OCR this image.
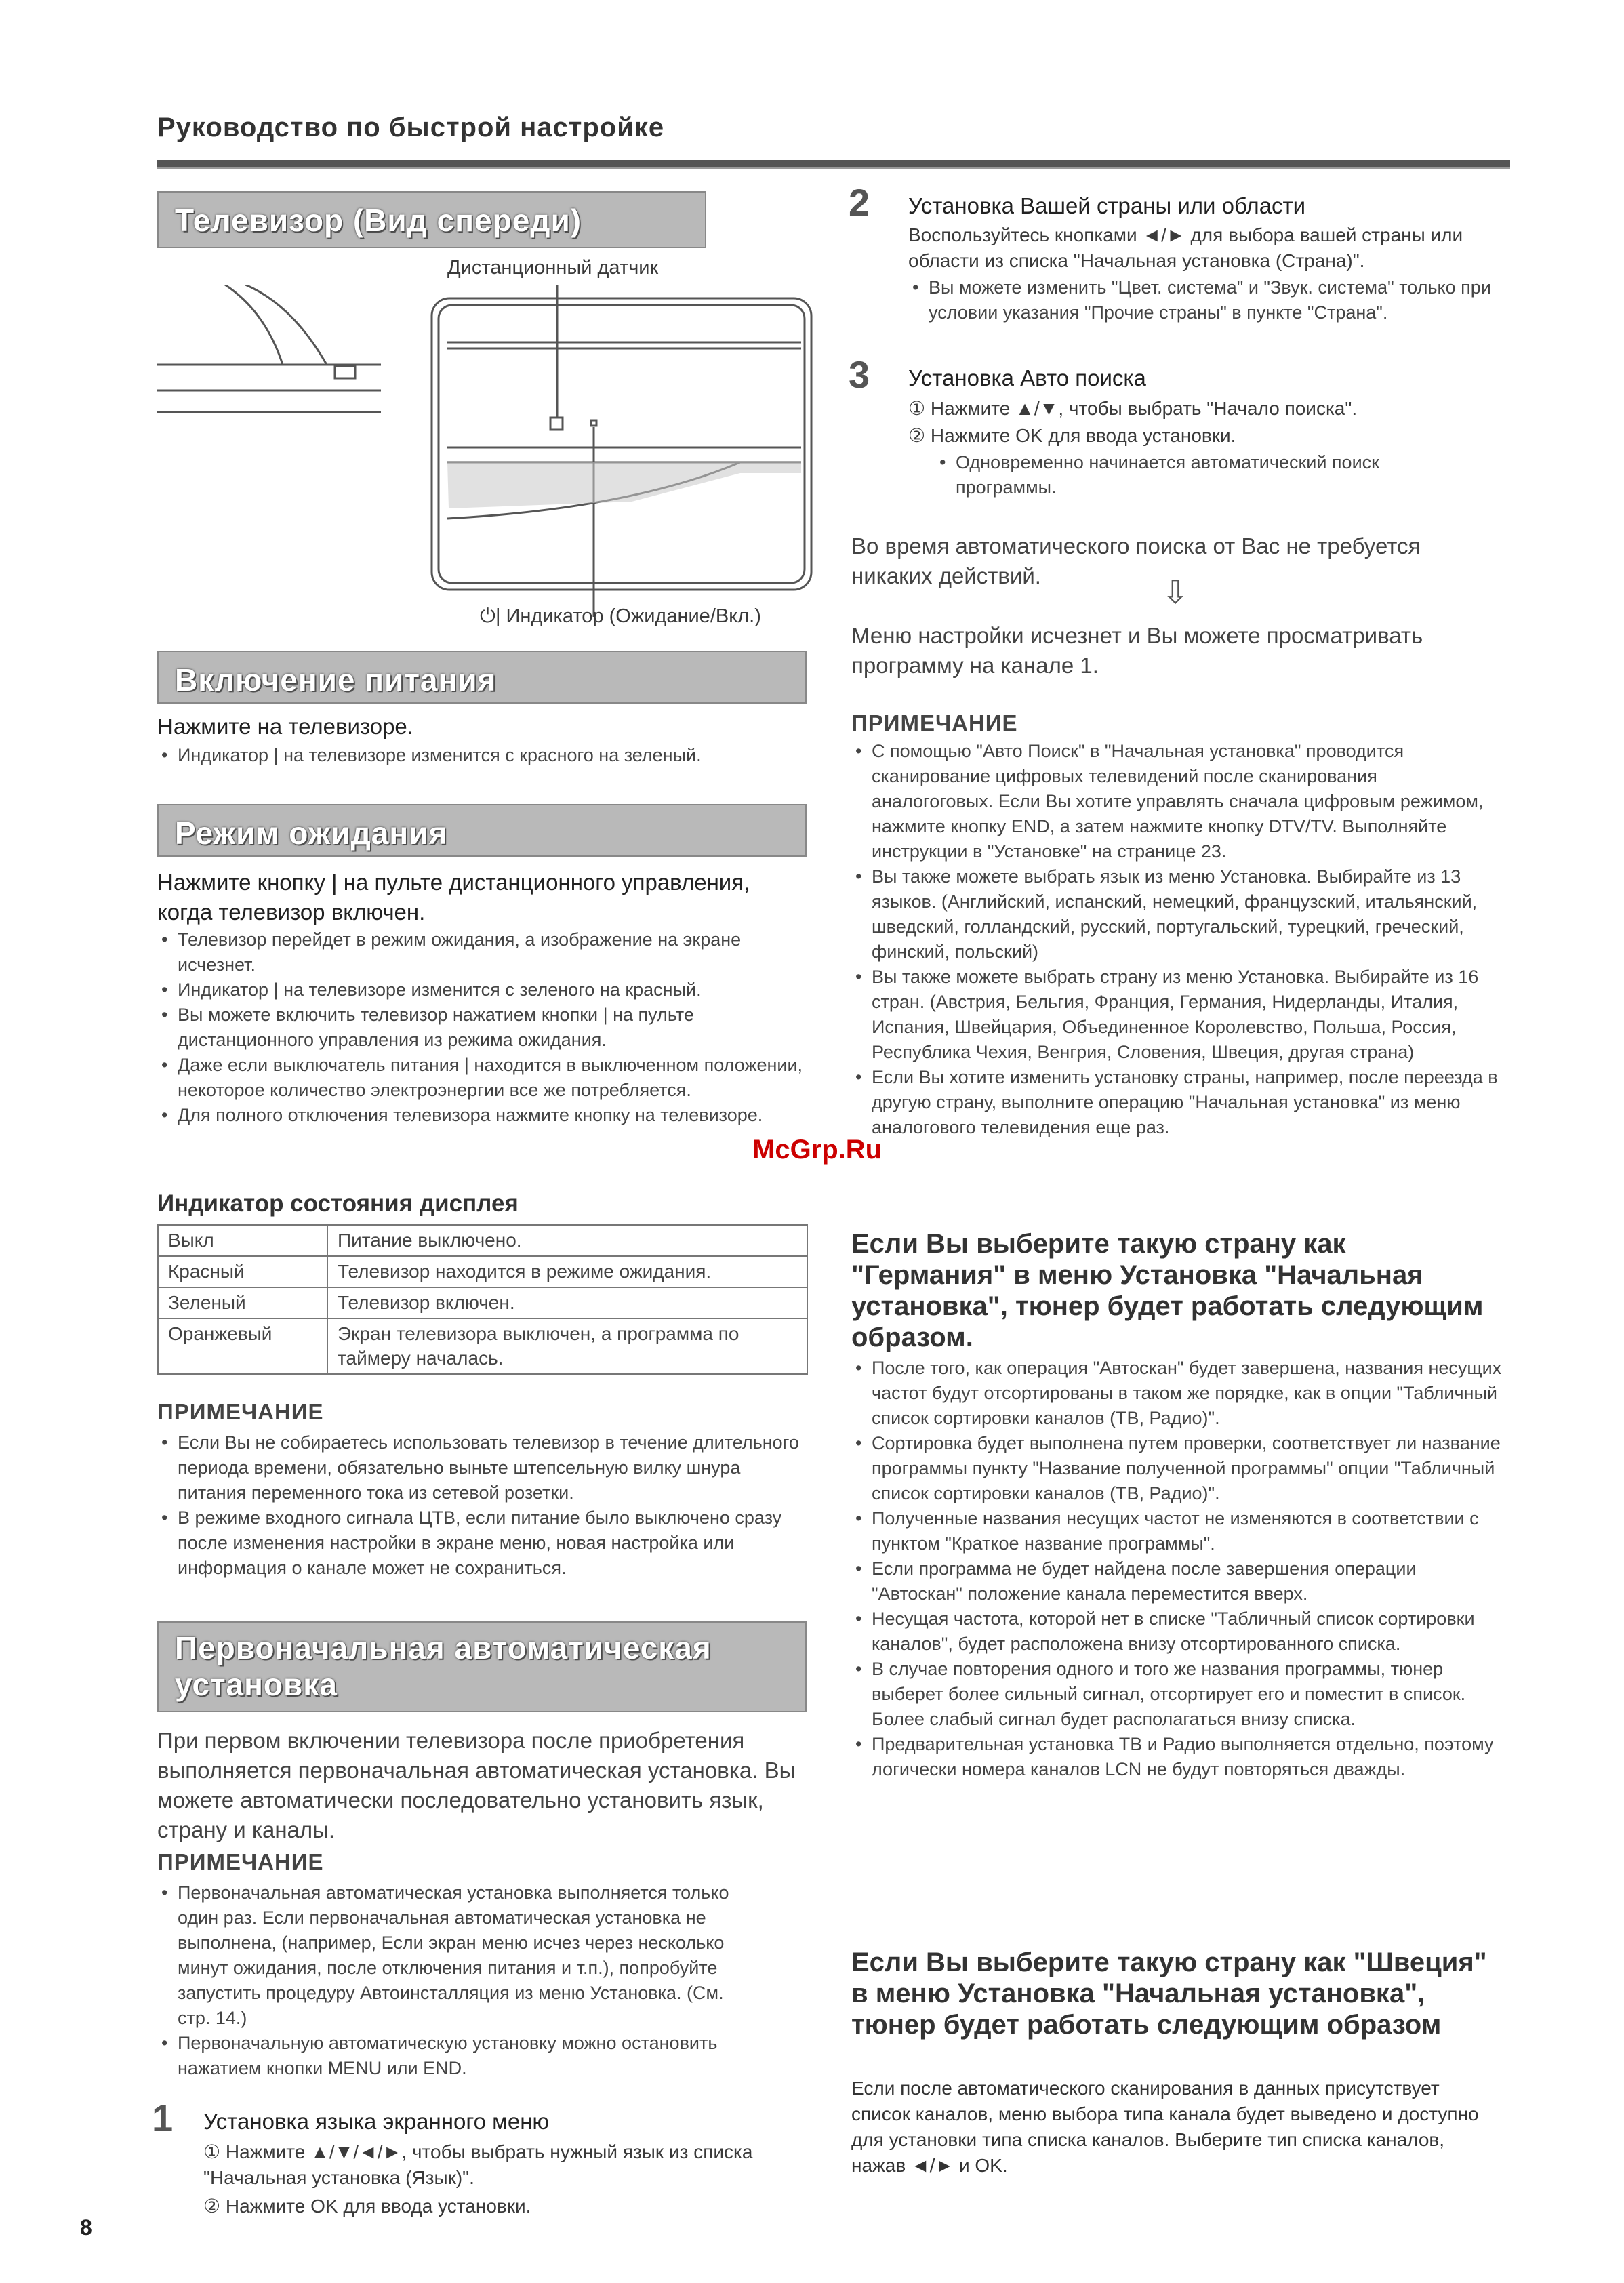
Руководство по быстрой настройке
Телевизор (Вид спереди)
Дистанционный датчик
⏻| Индикатор (Ожидание/Вкл.)
Включение питания
Нажмите на телевизоре.
• Индикатор | на телевизоре изменится с красного на зеленый.
Режим ожидания
Нажмите кнопку | на пульте дистанционного управления, когда телевизор включен.
• Телевизор перейдет в режим ожидания, а изображение на экране исчезнет.
• Индикатор | на телевизоре изменится с зеленого на красный.
• Вы можете включить телевизор нажатием кнопки | на пульте дистанционного управления из режима ожидания.
• Даже если выключатель питания | находится в выключенном положении, некоторое количество электроэнергии все же потребляется.
• Для полного отключения телевизора нажмите кнопку на телевизоре.
Индикатор состояния дисплея
Выкл	Питание выключено.
Красный	Телевизор находится в режиме ожидания.
Зеленый	Телевизор включен.
Оранжевый	Экран телевизора выключен, а программа по таймеру началась.
ПРИМЕЧАНИЕ
• Если Вы не собираетесь использовать телевизор в течение длительного периода времени, обязательно выньте штепсельную вилку шнура питания переменного тока из сетевой розетки.
• В режиме входного сигнала ЦТВ, если питание было выключено сразу после изменения настройки в экране меню, новая настройка или информация о канале может не сохраниться.
Первоначальная автоматическая
установка
При первом включении телевизора после приобретения выполняется первоначальная автоматическая установка. Вы можете автоматически последовательно установить язык, страну и каналы.
ПРИМЕЧАНИЕ
• Первоначальная автоматическая установка выполняется только один раз. Если первоначальная автоматическая установка не выполнена, (например, Если экран меню исчез через несколько минут ожидания, после отключения питания и т.п.), попробуйте запустить процедуру Автоинсталляция из меню Установка. (См. стр. 14.)
• Первоначальную автоматическую установку можно остановить нажатием кнопки MENU или END.
1 Установка языка экранного меню
① Нажмите ▲/▼/◄/►, чтобы выбрать нужный язык из списка "Начальная установка (Язык)".
② Нажмите OK для ввода установки.
8
2 Установка Вашей страны или области
Воспользуйтесь кнопками ◄/► для выбора вашей страны или области из списка "Начальная установка (Страна)".
• Вы можете изменить "Цвет. система" и "Звук. система" только при условии указания "Прочие страны" в пункте "Страна".
3 Установка Авто поиска
① Нажмите ▲/▼, чтобы выбрать "Начало поиска".
② Нажмите OK для ввода установки.
• Одновременно начинается автоматический поиск программы.
Во время автоматического поиска от Вас не требуется никаких действий.	⇩
Меню настройки исчезнет и Вы можете просматривать программу на канале 1.
ПРИМЕЧАНИЕ
• С помощью "Авто Поиск" в "Начальная установка" проводится сканирование цифровых телевидений после сканирования аналогоговых. Если Вы хотите управлять сначала цифровым режимом, нажмите кнопку END, а затем нажмите кнопку DTV/TV. Выполняйте инструкции в "Установке" на странице 23.
• Вы также можете выбрать язык из меню Установка. Выбирайте из 13 языков. (Английский, испанский, немецкий, французский, итальянский, шведский, голландский, русский, португальский, турецкий, греческий, финский, польский)
• Вы также можете выбрать страну из меню Установка. Выбирайте из 16 стран. (Австрия, Бельгия, Франция, Германия, Нидерланды, Италия, Испания, Швейцария, Объединенное Королевство, Польша, Россия, Республика Чехия, Венгрия, Словения, Швеция, другая страна)
• Если Вы хотите изменить установку страны, например, после переезда в другую страну, выполните операцию "Начальная установка" из меню аналогового телевидения еще раз.
McGrp.Ru
Если Вы выберите такую страну как "Германия" в меню Установка "Начальная установка", тюнер будет работать следующим образом.
• После того, как операция "Автоскан" будет завершена, названия несущих частот будут отсортированы в таком же порядке, как в опции "Табличный список сортировки каналов (ТВ, Радио)".
• Сортировка будет выполнена путем проверки, соответствует ли название программы пункту "Название полученной программы" опции "Табличный список сортировки каналов (ТВ, Радио)".
• Полученные названия несущих частот не изменяются в соответствии с пунктом "Краткое название программы".
• Если программа не будет найдена после завершения операции "Автоскан" положение канала переместится вверх.
• Несущая частота, которой нет в списке "Табличный список сортировки каналов", будет расположена внизу отсортированного списка.
• В случае повторения одного и того же названия программы, тюнер выберет более сильный сигнал, отсортирует его и поместит в список. Более слабый сигнал будет располагаться внизу списка.
• Предварительная установка ТВ и Радио выполняется отдельно, поэтому логически номера каналов LCN не будут повторяться дважды.
Если Вы выберите такую страну как "Швеция" в меню Установка "Начальная установка", тюнер будет работать следующим образом
Если после автоматического сканирования в данных присутствует список каналов, меню выбора типа канала будет выведено и доступно для установки типа списка каналов. Выберите тип списка каналов, нажав ◄/► и OK.
